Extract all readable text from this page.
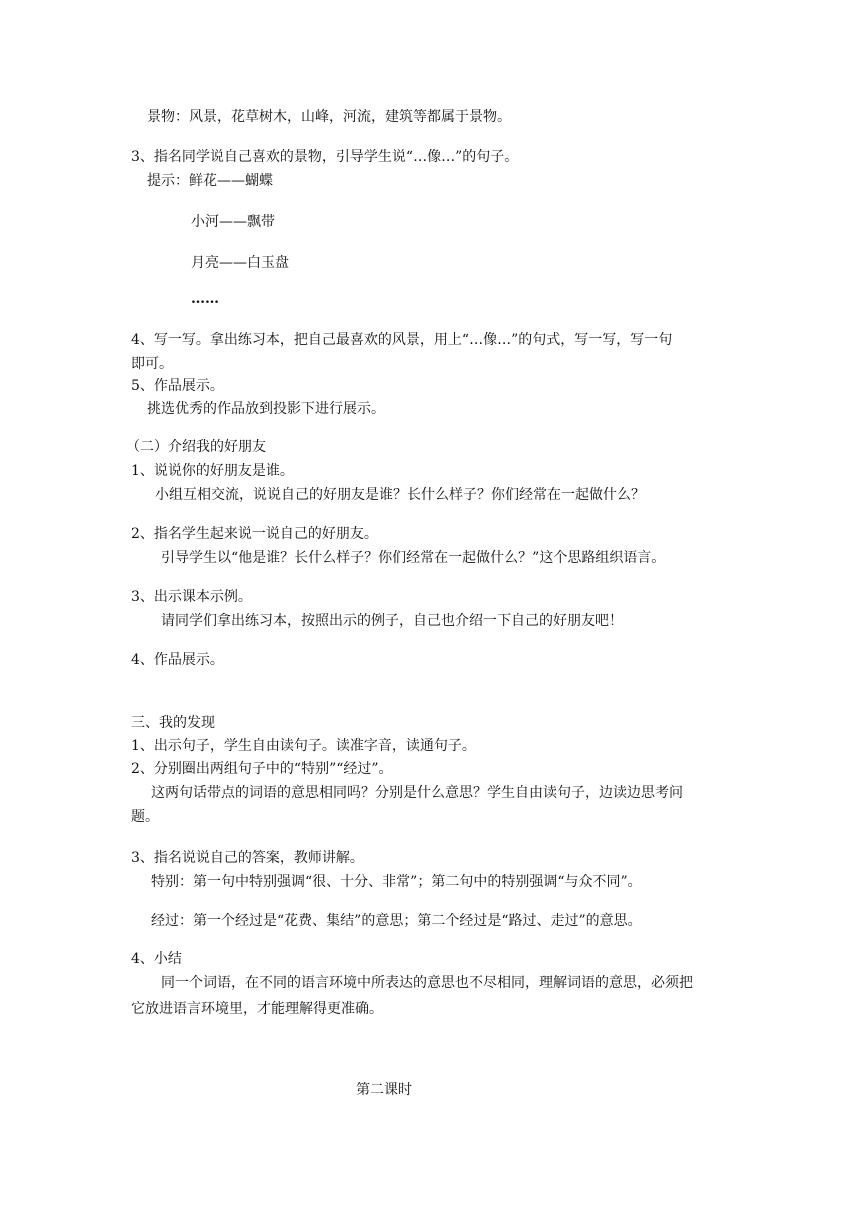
景物：风景，花草树木，山峰，河流，建筑等都属于景物。
3、指名同学说自己喜欢的景物，引导学生说“…像…”的句子。
提示：鲜花——蝴蝶
小河——飘带
月亮——白玉盘
……
4、写一写。拿出练习本，把自己最喜欢的风景，用上“…像…”的句式，写一写，写一句
即可。
5、作品展示。
挑选优秀的作品放到投影下进行展示。
（二）介绍我的好朋友
1、说说你的好朋友是谁。
小组互相交流，说说自己的好朋友是谁？长什么样子？你们经常在一起做什么？
2、指名学生起来说一说自己的好朋友。
引导学生以“他是谁？长什么样子？你们经常在一起做什么？”这个思路组织语言。
3、出示课本示例。
请同学们拿出练习本，按照出示的例子，自己也介绍一下自己的好朋友吧！
4、作品展示。
三、我的发现
1、出示句子，学生自由读句子。读准字音，读通句子。
2、分别圈出两组句子中的“特别”“经过”。
这两句话带点的词语的意思相同吗？分别是什么意思？学生自由读句子，边读边思考问
题。
3、指名说说自己的答案，教师讲解。
特别：第一句中特别强调“很、十分、非常”；第二句中的特别强调“与众不同”。
经过：第一个经过是“花费、集结”的意思；第二个经过是“路过、走过”的意思。
4、小结
同一个词语，在不同的语言环境中所表达的意思也不尽相同，理解词语的意思，必须把
它放进语言环境里，才能理解得更准确。
第二课时
